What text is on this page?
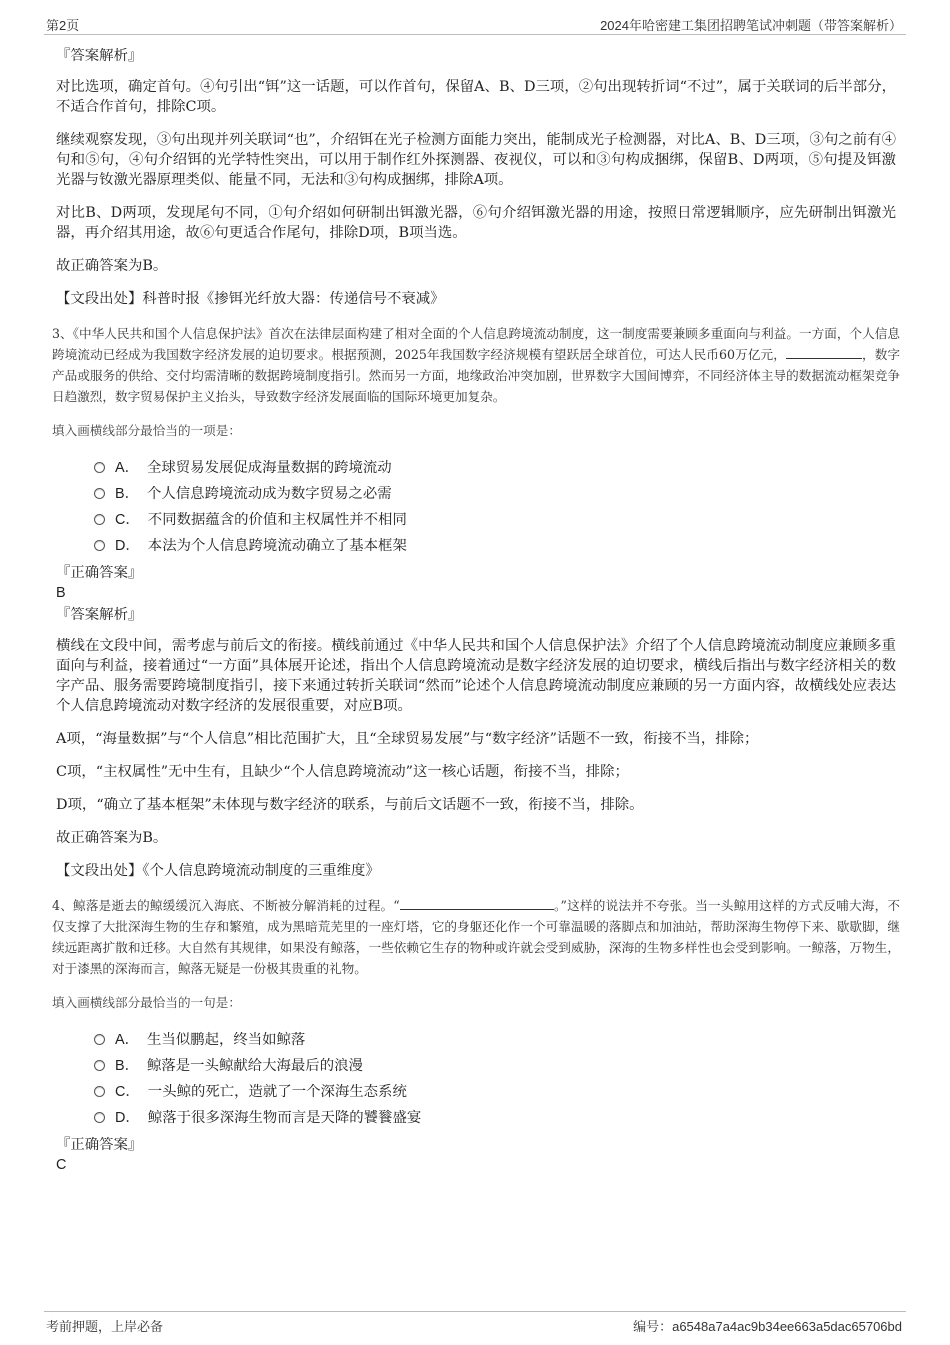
第2页	2024年哈密建工集团招聘笔试冲刺题（带答案解析）
『答案解析』
对比选项，确定首句。④句引出“铒”这一话题，可以作首句，保留A、B、D三项，②句出现转折词“不过”，属于关联词的后半部分，不适合作首句，排除C项。
继续观察发现，③句出现并列关联词“也”，介绍铒在光子检测方面能力突出，能制成光子检测器，对比A、B、D三项，③句之前有④句和⑤句，④句介绍铒的光学特性突出，可以用于制作红外探测器、夜视仪，可以和③句构成捆绑，保留B、D两项，⑤句提及铒激光器与钕激光器原理类似、能量不同，无法和③句构成捆绑，排除A项。
对比B、D两项，发现尾句不同，①句介绍如何研制出铒激光器，⑥句介绍铒激光器的用途，按照日常逻辑顺序，应先研制出铒激光器，再介绍其用途，故⑥句更适合作尾句，排除D项，B项当选。
故正确答案为B。
【文段出处】科普时报《掺铒光纤放大器：传递信号不衰减》
3、《中华人民共和国个人信息保护法》首次在法律层面构建了相对全面的个人信息跨境流动制度，这一制度需要兼顾多重面向与利益。一方面，个人信息跨境流动已经成为我国数字经济发展的迫切要求。根据预测，2025年我国数字经济规模有望跃居全球首位，可达人民币60万亿元，	，数字产品或服务的供给、交付均需清晰的数据跨境制度指引。然而另一方面，地缘政治冲突加剧，世界数字大国间博弈，不同经济体主导的数据流动框架竞争日趋激烈，数字贸易保护主义抬头，导致数字经济发展面临的国际环境更加复杂。
填入画横线部分最恰当的一项是：
A． 全球贸易发展促成海量数据的跨境流动
B． 个人信息跨境流动成为数字贸易之必需
C． 不同数据蕴含的价值和主权属性并不相同
D． 本法为个人信息跨境流动确立了基本框架
『正确答案』
B
『答案解析』
横线在文段中间，需考虑与前后文的衔接。横线前通过《中华人民共和国个人信息保护法》介绍了个人信息跨境流动制度应兼顾多重面向与利益，接着通过“一方面”具体展开论述，指出个人信息跨境流动是数字经济发展的迫切要求，横线后指出与数字经济相关的数字产品、服务需要跨境制度指引，接下来通过转折关联词“然而”论述个人信息跨境流动制度应兼顾的另一方面内容，故横线处应表达个人信息跨境流动对数字经济的发展很重要，对应B项。
A项，“海量数据”与“个人信息”相比范围扩大，且“全球贸易发展”与“数字经济”话题不一致，衔接不当，排除；
C项，“主权属性”无中生有，且缺少“个人信息跨境流动”这一核心话题，衔接不当，排除；
D项，“确立了基本框架”未体现与数字经济的联系，与前后文话题不一致，衔接不当，排除。
故正确答案为B。
【文段出处】《个人信息跨境流动制度的三重维度》
4、鲸落是逝去的鲸缓缓沉入海底、不断被分解消耗的过程。“	。”这样的说法并不夸张。当一头鲸用这样的方式反哺大海，不仅支撑了大批深海生物的生存和繁殖，成为黑暗荒芜里的一座灯塔，它的身躯还化作一个可靠温暖的落脚点和加油站，帮助深海生物停下来、歇歇脚，继续远距离扩散和迁移。大自然有其规律，如果没有鲸落，一些依赖它生存的物种或许就会受到威胁，深海的生物多样性也会受到影响。一鲸落，万物生，对于漆黑的深海而言，鲸落无疑是一份极其贵重的礼物。
填入画横线部分最恰当的一句是：
A． 生当似鹏起，终当如鲸落
B． 鲸落是一头鲸献给大海最后的浪漫
C． 一头鲸的死亡，造就了一个深海生态系统
D． 鲸落于很多深海生物而言是天降的饕餮盛宴
『正确答案』
C
考前押题，上岸必备	编号：a6548a7a4ac9b34ee663a5dac65706bd
